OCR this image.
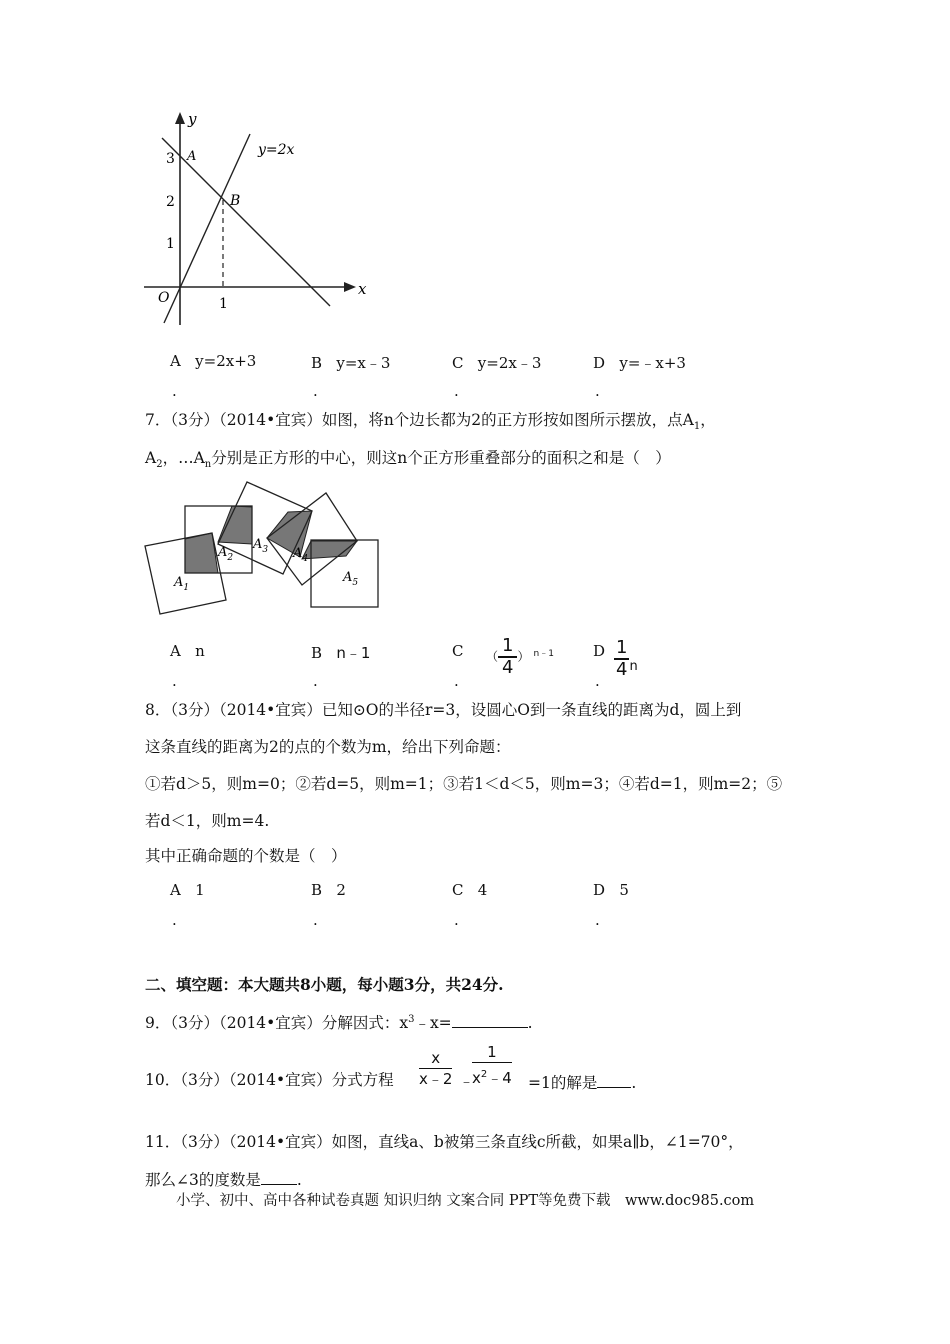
y
x
O
y=2x
A
B
3
2
1
1
A y=2x+3	B y=x﹣3	C y=2x﹣3	D y=﹣x+3
.	.	.	.
7．（3分）（2014•宜宾）如图，将n个边长都为2的正方形按如图所示摆放，点$A_1$，
$A_2$，$\dots A_n$分别是正方形的中心，则这n个正方形重叠部分的面积之和是（　）
$A_1$
$A_2$
$A_3$ $A_4$
$A_5$
A n	B n﹣1	C （ $\frac{1}{4}$ ） $^{n﹣1}$	D $\frac{1}{4} _n$
.	.	.	.
8．（3分）（2014•宜宾）已知⊙O的半径r=3，设圆心O到一条直线的距离为d，圆上到
这条直线的距离为2的点的个数为m，给出下列命题：
①若d＞5，则m=0；②若d=5，则m=1；③若1＜d＜5，则m=3；④若d=1，则m=2；⑤
若d＜1，则m=4.
其中正确命题的个数是（　）
A 1	B 2	C 4	D 5
.	.	.	.
二、填空题：本大题共8小题，每小题3分，共24分.
9．（3分）（2014•宜宾）分解因式：$x^3﹣x=$	.
10．（3分）（2014•宜宾）分式方程
x
x﹣2 ﹣
1
$x^2﹣4 =1$的解是 .
11．（3分）（2014•宜宾）如图，直线a、b被第三条直线c所截，如果a∥b，∠1=70°，
那么∠3的度数是 .
小学、初中、高中各种试卷真题 知识归纳 文案合同 PPT等免费下载　www.doc985.com
